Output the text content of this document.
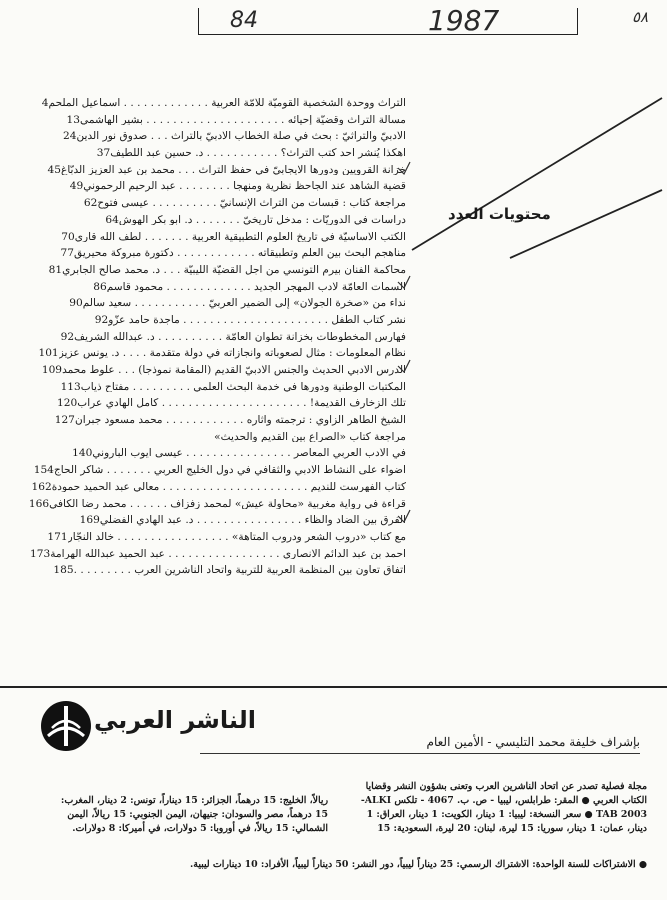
84	1987	٥٨
محتويات العدد
التراث ووحدة الشخصية القوميّة للأمّة العربية . . . . . . . . . . . . . اسماعيل الملحم
4
مسألة التراث وقضيّة إحيائه . . . . . . . . . . . . . . . . . . . . . بشير الهاشمي
13
الأدبيّ والتراثيّ : بحث في صلة الخطاب الأدبيّ بالتراث . . . صدوق نور الدين
24
أهكذا يُنشر أحد كتب التراث؟ . . . . . . . . . . . د. حسين عبد اللطيف
37
خزانة القرويين ودورها الايجابيّ في حفظ التراث . . . محمد بن عبد العزيز الدبّاغ
45
قضية الشاهد عند الجاحظ نظرية ومنهجاً . . . . . . . . عبد الرحيم الرحموني
49
مراجعة كتاب : قبسات من التراث الإنسانيّ . . . . . . . . . . عيسى فتوح
62
دراسات في الدوريّات : مدخل تاريخيّ . . . . . . . د. ابو بكر الهوش
64
الكتب الأساسيّة في تاريخ العلوم التطبيقية العربية . . . . . . . لطف الله قاري
70
مناهجم البحث بين العلم وتطبيقاته . . . . . . . . . . . . دكتورة مبروكة محيريق
77
محاكمة الفنان بيرم التونسي من أجل القضيّة الليبيّة . . . د. محمد صالح الجابري
81
السمات العامّة لأدب المهجر الجديد . . . . . . . . . . . . . محمود قاسم
86
نداء من «صخرة الجولان» إلى الضمير العربيّ . . . . . . . . . . . سعيد سالم
90
نشر كتاب الطفل . . . . . . . . . . . . . . . . . . . . . . ماجدة حامد عزّو
92
فهارس المخطوطات بخزانة تطوان العامّة . . . . . . . . . . د. عبدالله الشريف
92
نظام المعلومات : مثال لصعوباته وانجازاته في دولة متقدمة . . . . د. يونس عزيز
101
الدرس الأدبي الحديث والجنس الأدبيّ القديم (المقامة نموذجاً) . . . علوط محمد
109
المكتبات الوطنية ودورها في خدمة البحث العلمي . . . . . . . . . مفتاح ذياب
113
تلك الزخارف القديمة! . . . . . . . . . . . . . . . . . . . . . . كامل الهادي عراب
120
الشيخ الطاهر الزاوي : ترجمته وآثاره . . . . . . . . . . . . محمد مسعود جبران
127
مراجعة كتاب «الصراع بين القديم والحديث»
في الأدب العربي المعاصر . . . . . . . . . . . . . . . . عيسى أيوب الباروني
140
أضواء على النشاط الأدبي والثقافي في دول الخليج العربي . . . . . . . شاكر الحاج
154
كتاب الفهرست للنديم . . . . . . . . . . . . . . . . . . . . . . معالي عبد الحميد حمودة
162
قراءة في رواية مغربية «محاولة عيش» لمحمد زفزاف . . . . . . محمد رضا الكافي
166
الفرق بين الضاد والظاء . . . . . . . . . . . . . . . . د. عبد الهادي الفضلي
169
مع كتاب «دروب الشعر ودروب المتاهة» . . . . . . . . . . . . . . . . . خالد النجّار
171
أحمد بن عبد الدائم الأنصاري . . . . . . . . . . . . . . . . . عبد الحميد عبدالله الهرامة
173
اتفاق تعاون بين المنظمة العربية للتربية واتحاد الناشرين العرب . . . . . . . . .
185
الناشر العربي
بإشراف خليفة محمد التليسي - الأمين العام

مجلة فصلية تصدر عن اتحاد الناشرين العرب وتعنى بشؤون النشر وقضايا

الكتاب العربي ● المقر: طرابلس، ليبيا - ص. ب. 4067 - تلكس ALKI-

TAB 2003 ● سعر النسخة: ليبيا: 1 دينار، الكويت: 1 دينار، العراق: 1

دينار، عمان: 1 دينار، سوريا: 15 ليرة، لبنان: 20 ليرة، السعودية: 15

ريالاً، الخليج: 15 درهماً، الجزائر: 15 ديناراً، تونس: 2 دينار، المغرب:

15 درهماً، مصر والسودان: جنيهان، اليمن الجنوبي: 15 ريالاً، اليمن

الشمالي: 15 ريالاً، في أوروبا: 5 دولارات، في أميركا: 8 دولارات.

● الاشتراكات للسنة الواحدة: الاشتراك الرسمي: 25 ديناراً ليبياً، دور النشر: 50 ديناراً ليبياً، الأفراد: 10 دينارات ليبية.
